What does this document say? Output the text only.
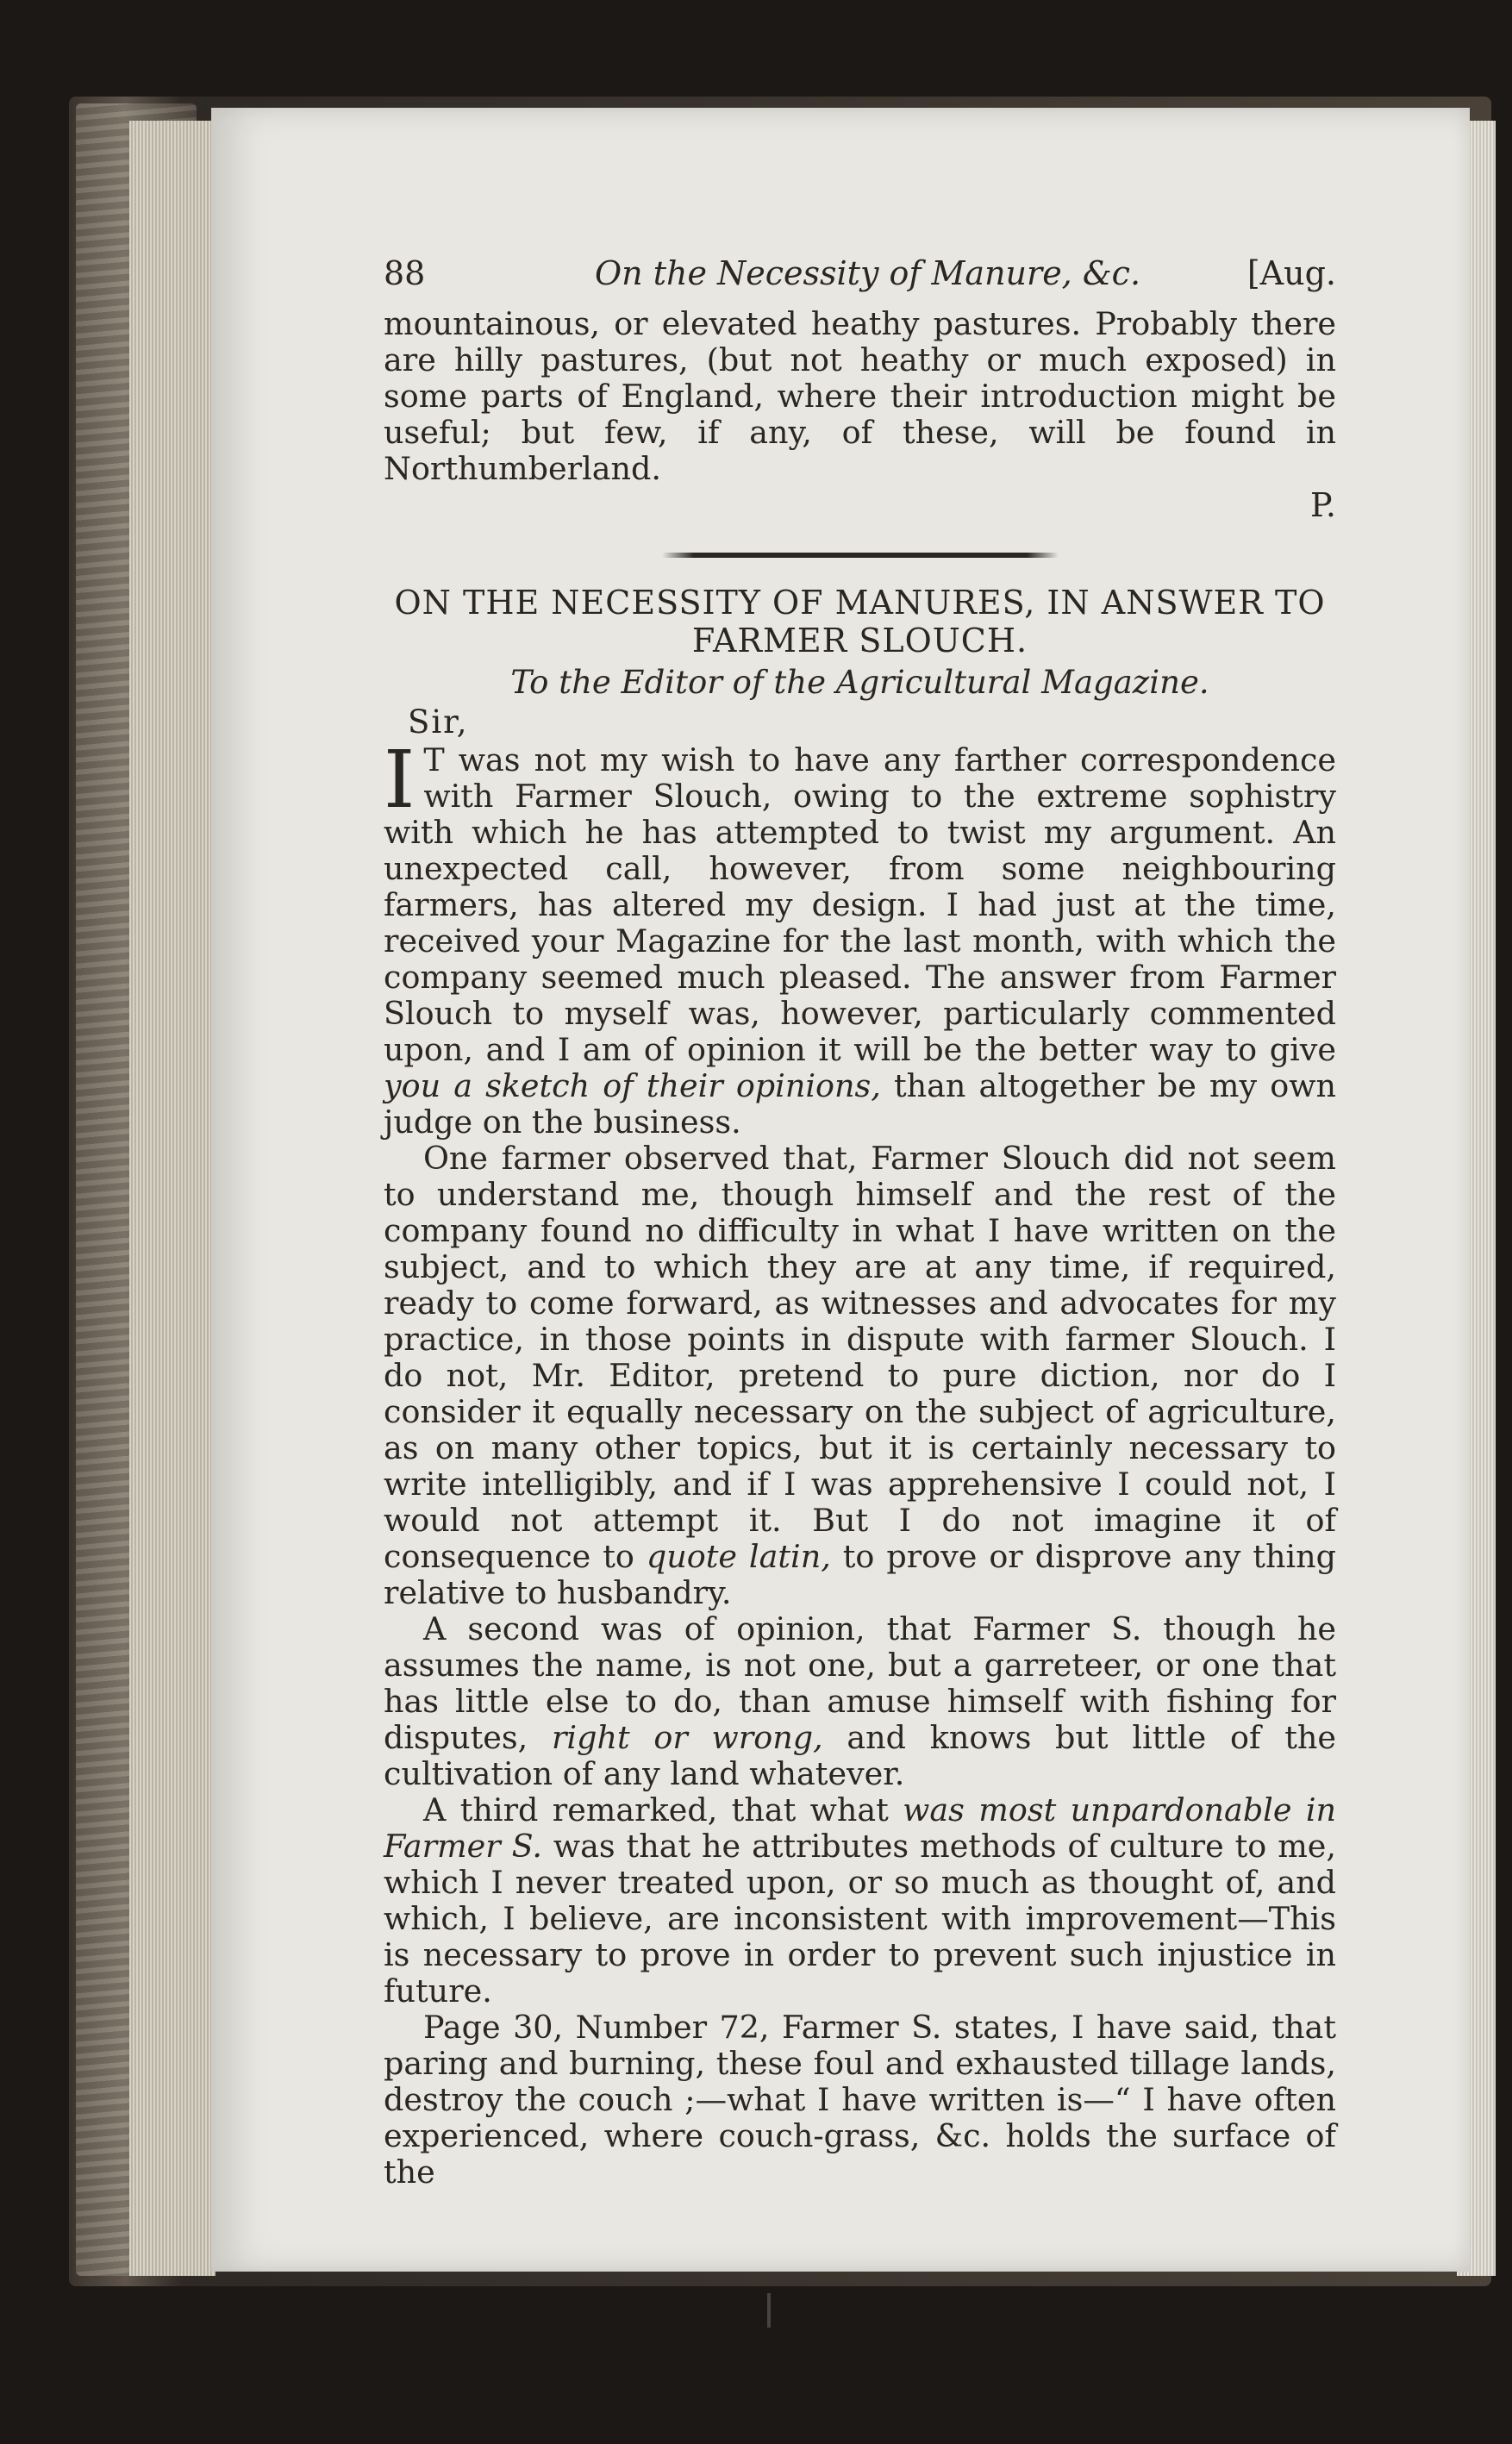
88	On the Necessity of Manure, &c.	[Aug.

mountainous, or elevated heathy pastures. Probably there are hilly pastures, (but not heathy or much exposed) in some parts of England, where their introduction might be useful; but few, if any, of these, will be found in Northumberland.

P.

ON THE NECESSITY OF MANURES, IN ANSWER TO FARMER SLOUCH.

To the Editor of the Agricultural Magazine.

Sir,

I T was not my wish to have any farther correspondence with Farmer Slouch, owing to the extreme sophistry with which he has attempted to twist my argument. An unexpected call, however, from some neighbouring farmers, has altered my design. I had just at the time, received your Magazine for the last month, with which the company seemed much pleased. The answer from Farmer Slouch to myself was, however, particularly commented upon, and I am of opinion it will be the better way to give you a sketch of their opinions, than altogether be my own judge on the business.

One farmer observed that, Farmer Slouch did not seem to understand me, though himself and the rest of the company found no difficulty in what I have written on the subject, and to which they are at any time, if required, ready to come forward, as witnesses and advocates for my practice, in those points in dispute with farmer Slouch. I do not, Mr. Editor, pretend to pure diction, nor do I consider it equally necessary on the subject of agriculture, as on many other topics, but it is certainly necessary to write intelligibly, and if I was apprehensive I could not, I would not attempt it. But I do not imagine it of consequence to quote latin, to prove or disprove any thing relative to husbandry.

A second was of opinion, that Farmer S. though he assumes the name, is not one, but a garreteer, or one that has little else to do, than amuse himself with fishing for disputes, right or wrong, and knows but little of the cultivation of any land whatever.

A third remarked, that what was most unpardonable in Farmer S. was that he attributes methods of culture to me, which I never treated upon, or so much as thought of, and which, I believe, are inconsistent with improvement—This is necessary to prove in order to prevent such injustice in future.

Page 30, Number 72, Farmer S. states, I have said, that paring and burning, these foul and exhausted tillage lands, destroy the couch ;—what I have written is—“ I have often experienced, where couch-grass, &c. holds the surface of the
